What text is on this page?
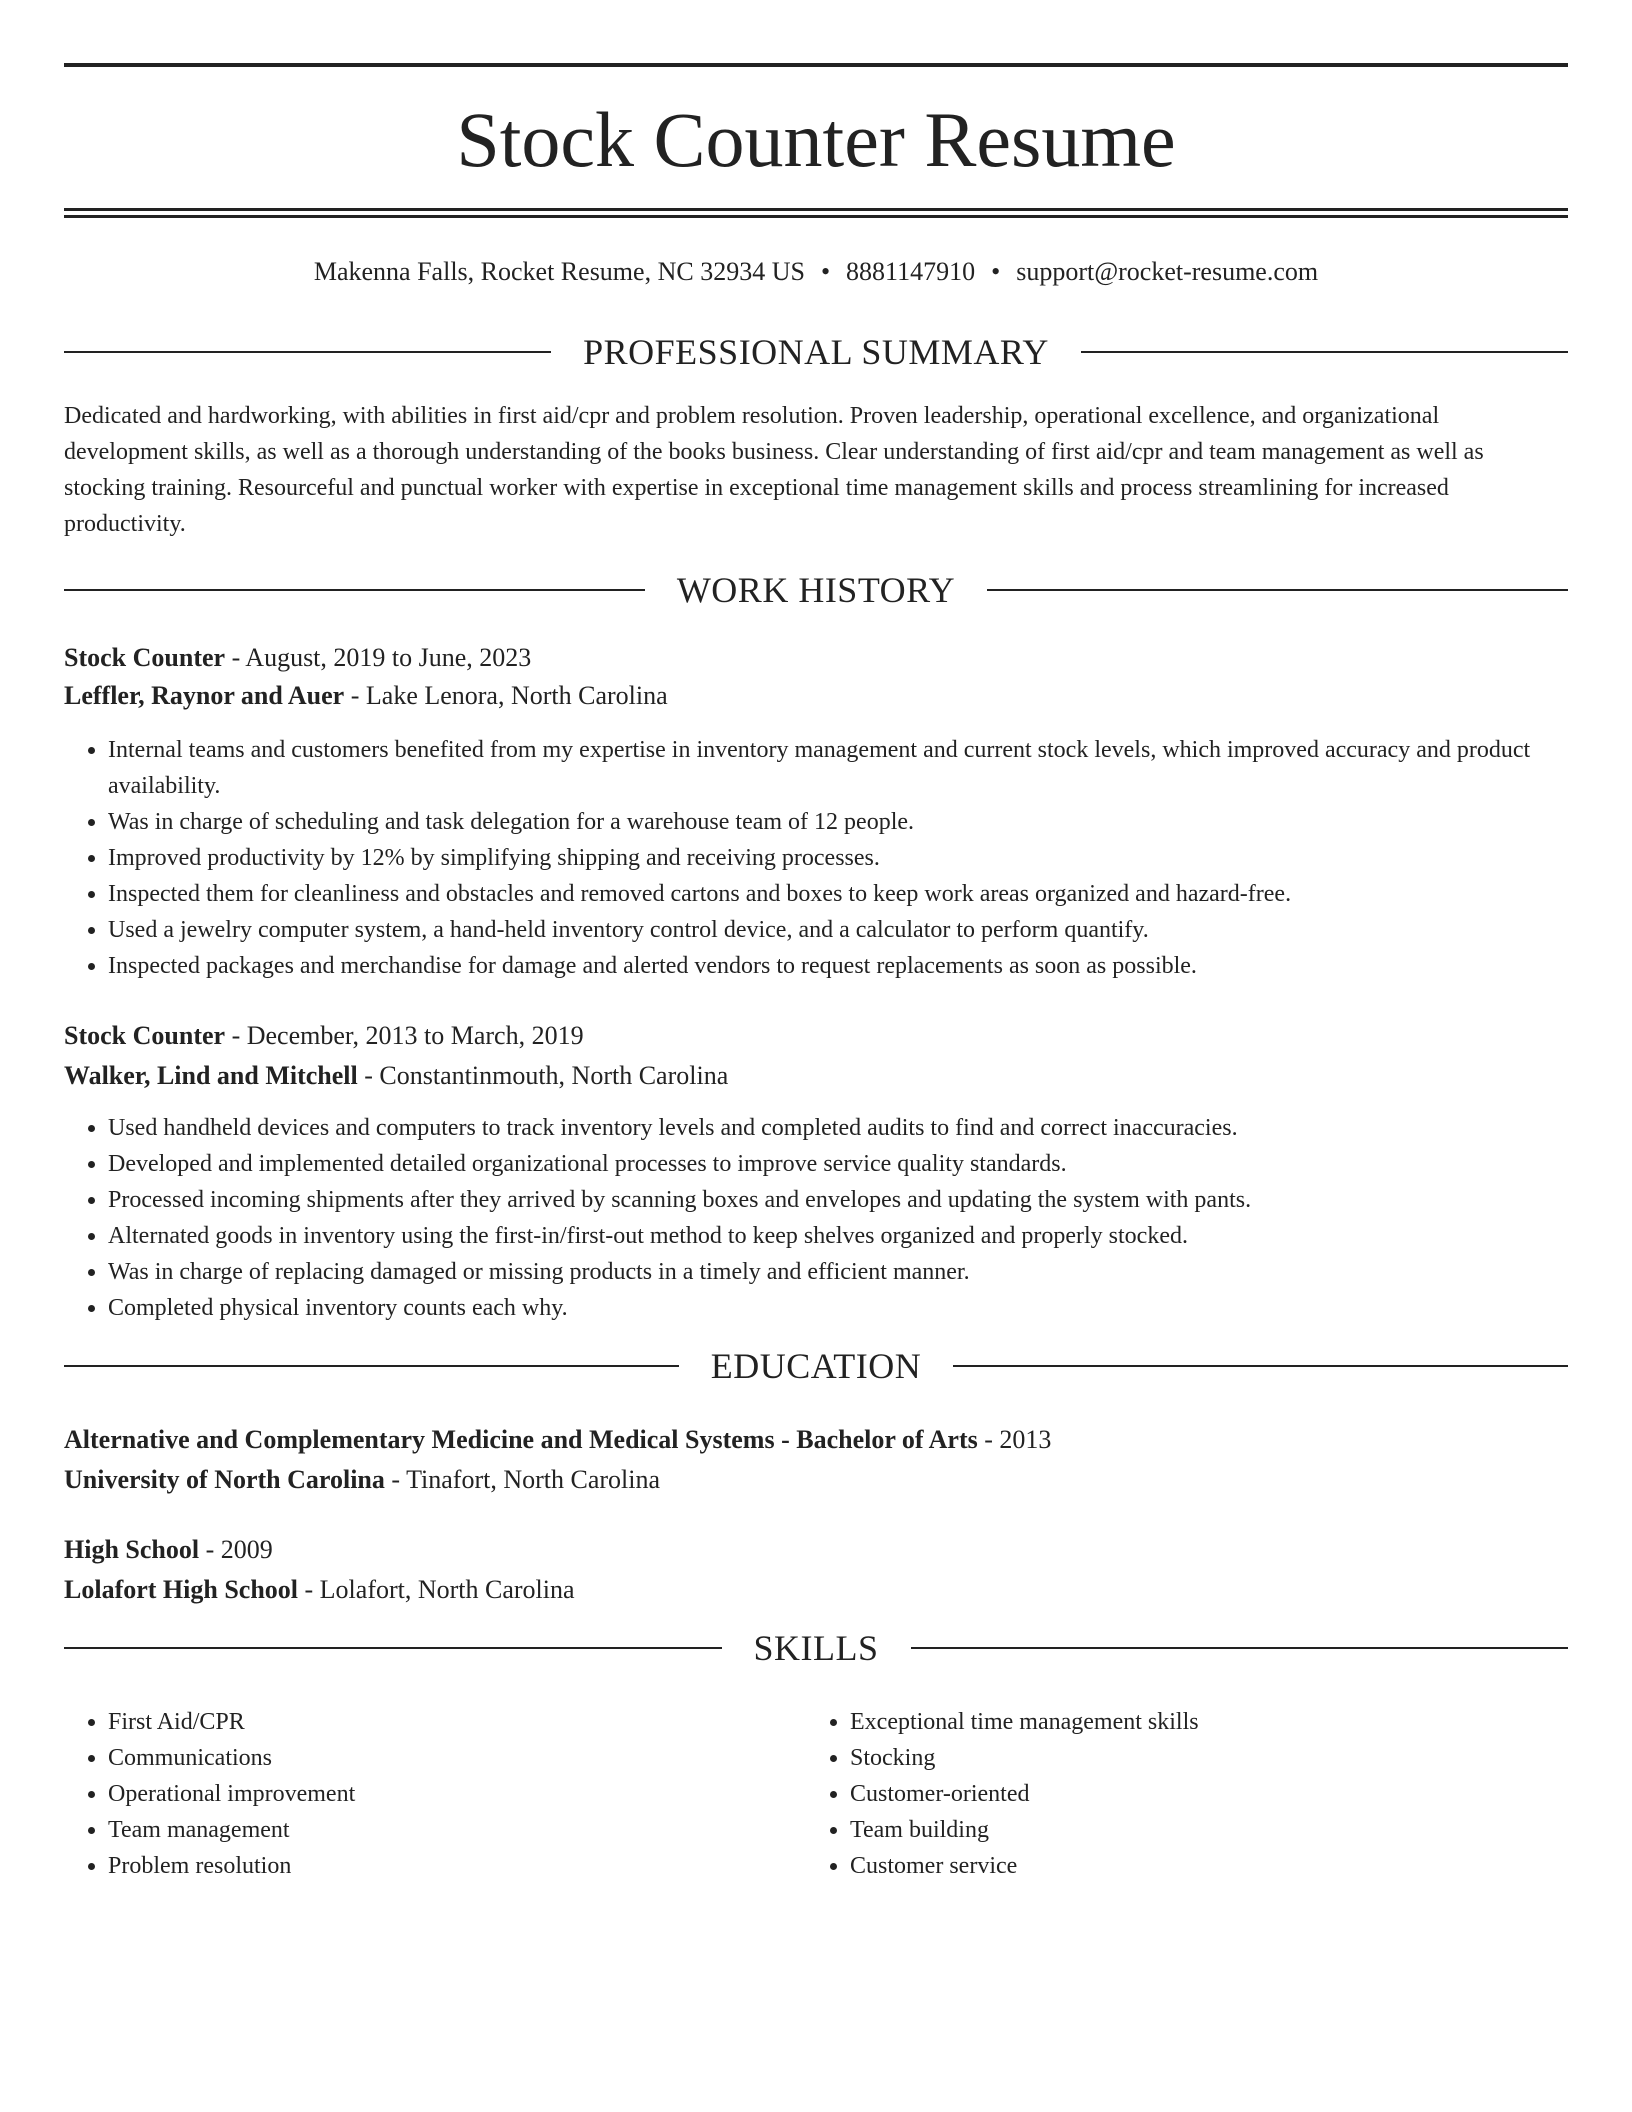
Stock Counter Resume
Makenna Falls, Rocket Resume, NC 32934 US • 8881147910 • support@rocket-resume.com
PROFESSIONAL SUMMARY

Dedicated and hardworking, with abilities in first aid/cpr and problem resolution. Proven leadership, operational excellence, and organizational development skills, as well as a thorough understanding of the books business. Clear understanding of first aid/cpr and team management as well as stocking training. Resourceful and punctual worker with expertise in exceptional time management skills and process streamlining for increased productivity.

WORK HISTORY
Stock Counter - August, 2019 to June, 2023
Leffler, Raynor and Auer - Lake Lenora, North Carolina
• Internal teams and customers benefited from my expertise in inventory management and current stock levels, which improved accuracy and product availability.
• Was in charge of scheduling and task delegation for a warehouse team of 12 people.
• Improved productivity by 12% by simplifying shipping and receiving processes.
• Inspected them for cleanliness and obstacles and removed cartons and boxes to keep work areas organized and hazard-free.
• Used a jewelry computer system, a hand-held inventory control device, and a calculator to perform quantify.
• Inspected packages and merchandise for damage and alerted vendors to request replacements as soon as possible.
Stock Counter - December, 2013 to March, 2019
Walker, Lind and Mitchell - Constantinmouth, North Carolina
• Used handheld devices and computers to track inventory levels and completed audits to find and correct inaccuracies.
• Developed and implemented detailed organizational processes to improve service quality standards.
• Processed incoming shipments after they arrived by scanning boxes and envelopes and updating the system with pants.
• Alternated goods in inventory using the first-in/first-out method to keep shelves organized and properly stocked.
• Was in charge of replacing damaged or missing products in a timely and efficient manner.
• Completed physical inventory counts each why.
EDUCATION
Alternative and Complementary Medicine and Medical Systems - Bachelor of Arts - 2013
University of North Carolina - Tinafort, North Carolina
High School - 2009
Lolafort High School - Lolafort, North Carolina
SKILLS
• First Aid/CPR
• Communications
• Operational improvement
• Team management
• Problem resolution
• Exceptional time management skills
• Stocking
• Customer-oriented
• Team building
• Customer service
